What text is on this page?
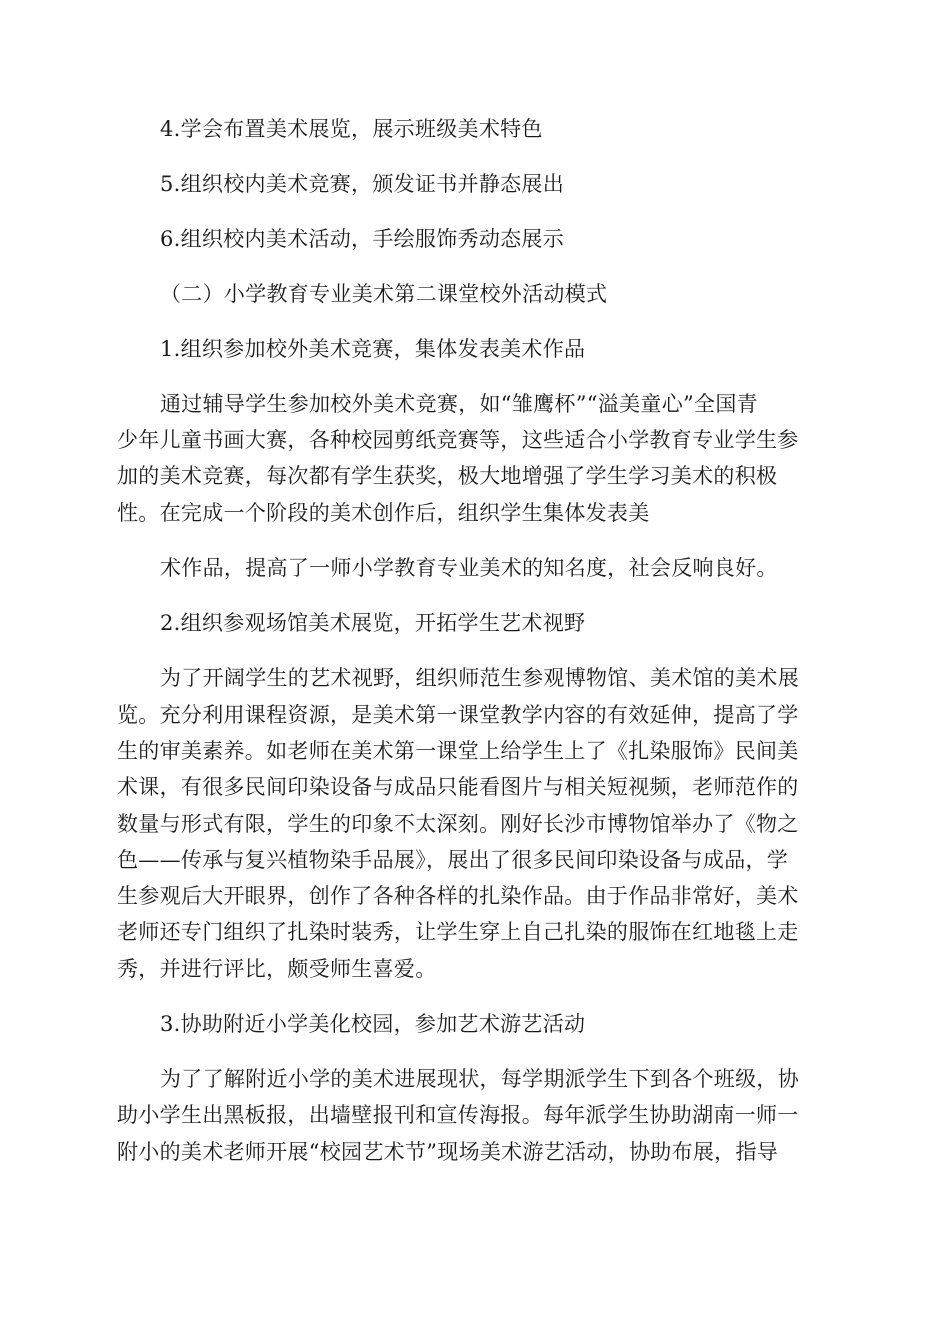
4.学会布置美术展览，展示班级美术特色
5.组织校内美术竞赛，颁发证书并静态展出
6.组织校内美术活动，手绘服饰秀动态展示
（二）小学教育专业美术第二课堂校外活动模式
1.组织参加校外美术竞赛，集体发表美术作品
通过辅导学生参加校外美术竞赛，如“雏鹰杯”“溢美童心”全国青
少年儿童书画大赛，各种校园剪纸竞赛等，这些适合小学教育专业学生参
加的美术竞赛，每次都有学生获奖，极大地增强了学生学习美术的积极
性。在完成一个阶段的美术创作后，组织学生集体发表美
术作品，提高了一师小学教育专业美术的知名度，社会反响良好。
2.组织参观场馆美术展览，开拓学生艺术视野
为了开阔学生的艺术视野，组织师范生参观博物馆、美术馆的美术展
览。充分利用课程资源，是美术第一课堂教学内容的有效延伸，提高了学
生的审美素养。如老师在美术第一课堂上给学生上了《扎染服饰》民间美
术课，有很多民间印染设备与成品只能看图片与相关短视频，老师范作的
数量与形式有限，学生的印象不太深刻。刚好长沙市博物馆举办了《物之
色——传承与复兴植物染手品展》，展出了很多民间印染设备与成品，学
生参观后大开眼界，创作了各种各样的扎染作品。由于作品非常好，美术
老师还专门组织了扎染时装秀，让学生穿上自己扎染的服饰在红地毯上走
秀，并进行评比，颇受师生喜爱。
3.协助附近小学美化校园，参加艺术游艺活动
为了了解附近小学的美术进展现状，每学期派学生下到各个班级，协
助小学生出黑板报，出墙壁报刊和宣传海报。每年派学生协助湖南一师一
附小的美术老师开展“校园艺术节”现场美术游艺活动，协助布展，指导
